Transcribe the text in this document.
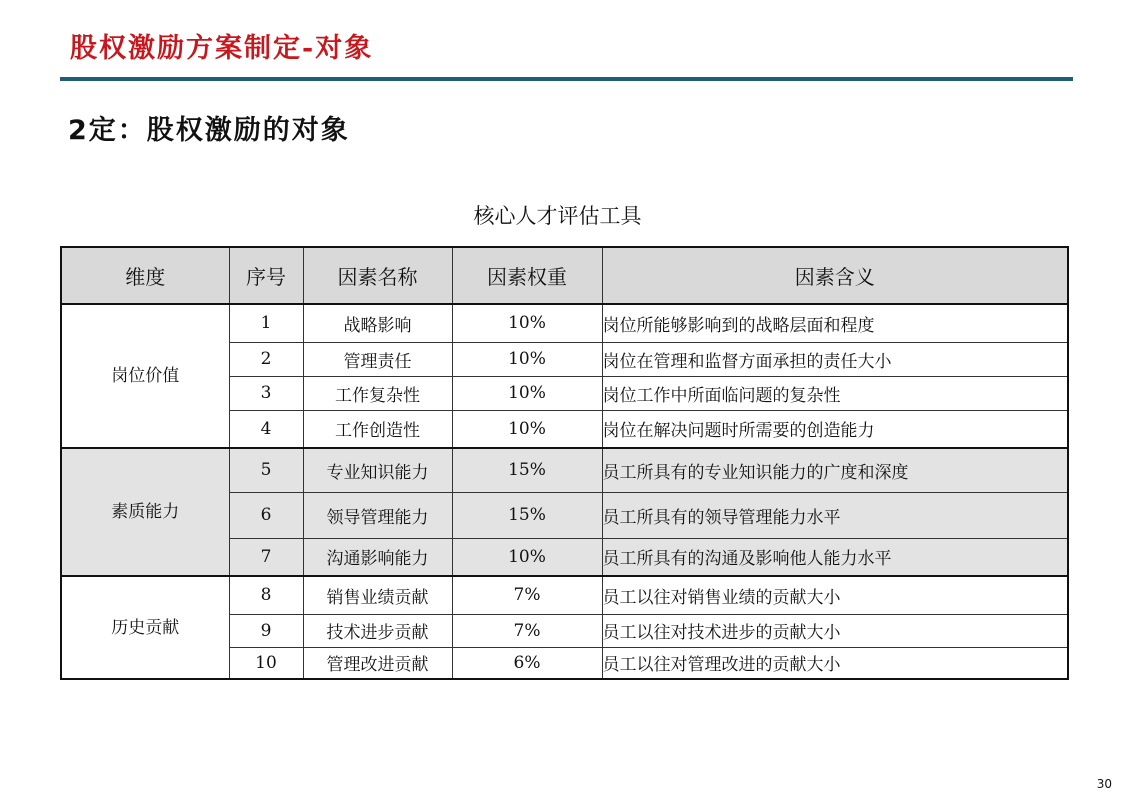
股权激励方案制定-对象
2定：股权激励的对象
核心人才评估工具
维度	序号	因素名称	因素权重	因素含义
岗位价值	1	战略影响	10%	岗位所能够影响到的战略层面和程度
	2	管理责任	10%	岗位在管理和监督方面承担的责任大小
	3	工作复杂性	10%	岗位工作中所面临问题的复杂性
	4	工作创造性	10%	岗位在解决问题时所需要的创造能力
素质能力	5	专业知识能力	15%	员工所具有的专业知识能力的广度和深度
	6	领导管理能力	15%	员工所具有的领导管理能力水平
	7	沟通影响能力	10%	员工所具有的沟通及影响他人能力水平
历史贡献	8	销售业绩贡献	7%	员工以往对销售业绩的贡献大小
	9	技术进步贡献	7%	员工以往对技术进步的贡献大小
	10	管理改进贡献	6%	员工以往对管理改进的贡献大小
30
